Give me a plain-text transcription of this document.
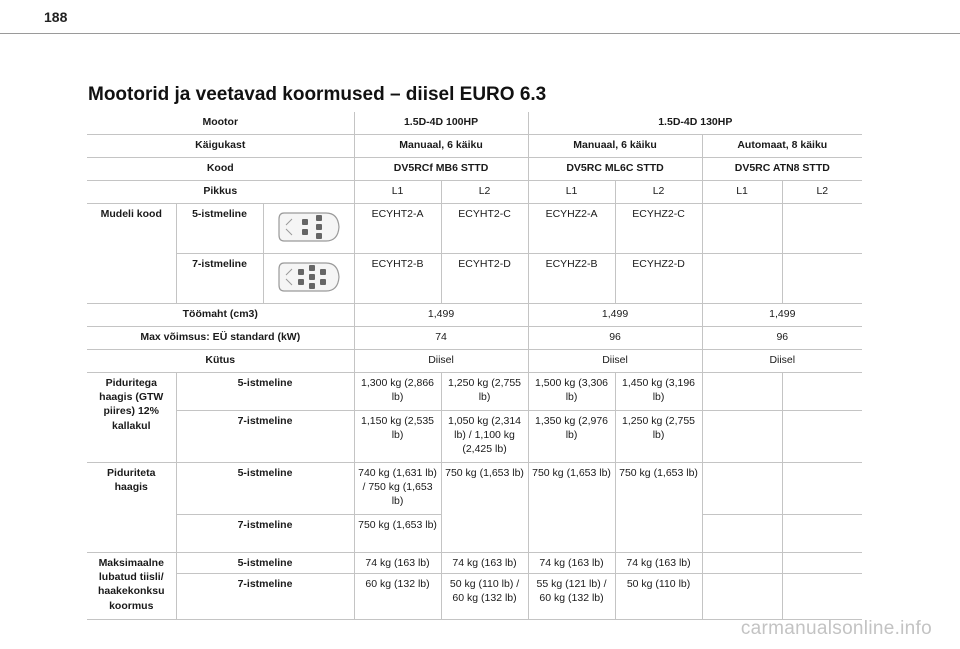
188
Mootorid ja veetavad koormused – diisel EURO 6.3
Mootor			1.5D-4D 100HP		1.5D-4D 130HP			
Käigukast			Manuaal, 6 käiku		Manuaal, 6 käiku		Automaat, 8 käiku	
Kood			DV5RCf MB6 STTD		DV5RC ML6C STTD		DV5RC ATN8 STTD	
Pikkus			L1	L2	L1	L2	L1	L2
Mudeli kood	5-istmeline		ECYHT2-A	ECYHT2-C	ECYHZ2-A	ECYHZ2-C		
	7-istmeline		ECYHT2-B	ECYHT2-D	ECYHZ2-B	ECYHZ2-D		
Töömaht (cm3)			1,499		1,499		1,499	
Max võimsus: EÜ standard (kW)			74		96		96	
Kütus			Diisel		Diisel		Diisel	
Piduritega haagis (GTW piires) 12% kallakul	5-istmeline		1,300 kg (2,866 lb)	1,250 kg (2,755 lb)	1,500 kg (3,306 lb)	1,450 kg (3,196 lb)		
	7-istmeline		1,150 kg (2,535 lb)	1,050 kg (2,314 lb) / 1,100 kg (2,425 lb)	1,350 kg (2,976 lb)	1,250 kg (2,755 lb)		
Piduriteta haagis	5-istmeline		740 kg (1,631 lb) / 750 kg (1,653 lb)	750 kg (1,653 lb)	750 kg (1,653 lb)	750 kg (1,653 lb)		
	7-istmeline		750 kg (1,653 lb)					
Maksimaalne lubatud tiisli/ haakekonksu koormus	5-istmeline		74 kg (163 lb)	74 kg (163 lb)	74 kg (163 lb)	74 kg (163 lb)		
	7-istmeline		60 kg (132 lb)	50 kg (110 lb) / 60 kg (132 lb)	55 kg (121 lb) / 60 kg (132 lb)	50 kg (110 lb)		
carmanualsonline.info
